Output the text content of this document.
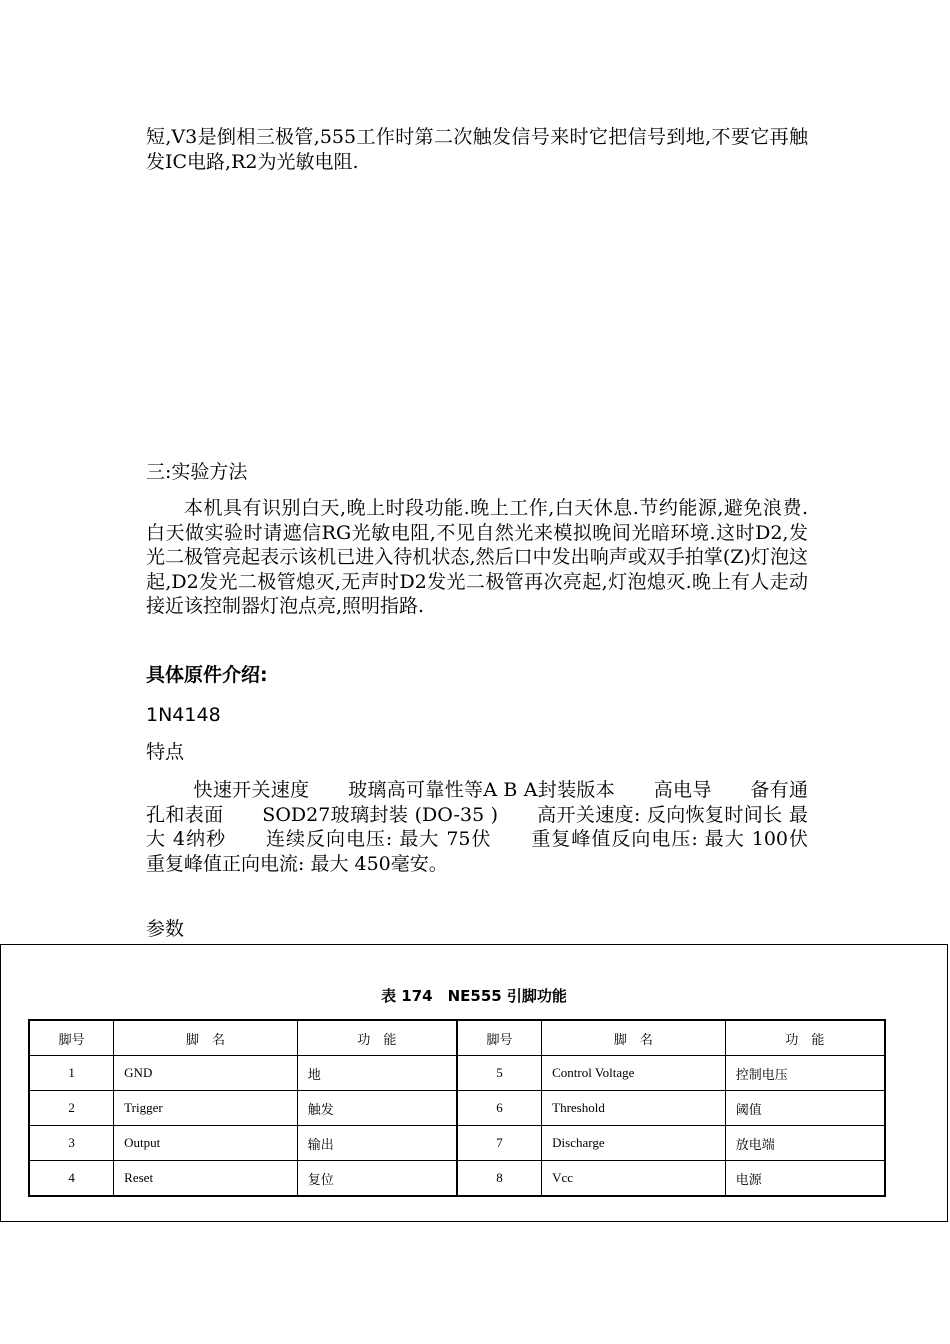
短,V3是倒相三极管,555工作时第二次触发信号来时它把信号到地,不要它再触发IC电路,R2为光敏电阻.

三:实验方法

本机具有识别白天,晚上时段功能.晚上工作,白天休息.节约能源,避免浪费.白天做实验时请遮信RG光敏电阻,不见自然光来模拟晚间光暗环境.这时D2,发光二极管亮起表示该机已进入待机状态,然后口中发出响声或双手拍掌(Z)灯泡这起,D2发光二极管熄灭,无声时D2发光二极管再次亮起,灯泡熄灭.晚上有人走动接近该控制器灯泡点亮,照明指路.

具体原件介绍:

1N4148

特点

快速开关速度　　玻璃高可靠性等A B A封装版本　　高电导　　备有通孔和表面　　SOD27玻璃封装 (DO-35 )　　高开关速度: 反向恢复时间长 最大 4纳秒　　连续反向电压: 最大 75伏　　重复峰值反向电压: 最大 100伏　　重复峰值正向电流: 最大 450毫安。

参数

表 174　NE555 引脚功能
脚号	脚　名	功　能	脚号	脚　名	功　能
1	GND	地	5	Control Voltage	控制电压
2	Trigger	触发	6	Threshold	阈值
3	Output	输出	7	Discharge	放电端
4	Reset	复位	8	Vcc	电源
